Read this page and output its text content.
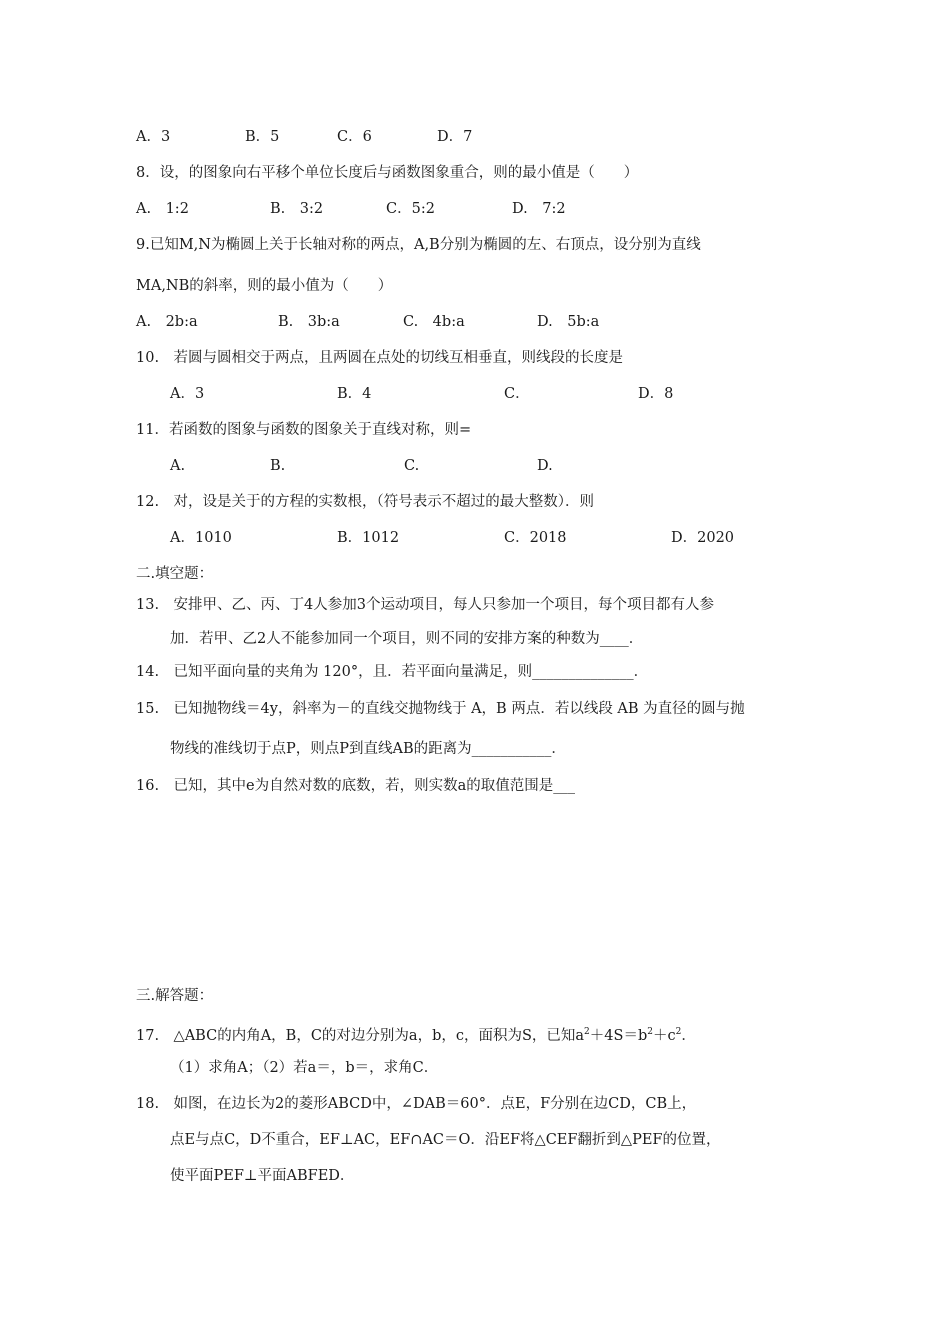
A．3	B．5	C．6	D．7
8．设，的图象向右平移个单位长度后与函数图象重合，则的最小值是（　　）
A.　1:2	B.　3:2	C．5:2	D.　7:2
9.已知M,N为椭圆上关于长轴对称的两点，A,B分别为椭圆的左、右顶点，设分别为直线
MA,NB的斜率，则的最小值为（　　）
A.　2b:a	B.　3b:a	C.　4b:a	D.　5b:a
10.　若圆与圆相交于两点，且两圆在点处的切线互相垂直，则线段的长度是
A．3	B．4	C．	D．8
11．若函数的图象与函数的图象关于直线对称，则=
A.	B.	C.	D.
12.　对，设是关于的方程的实数根，（符号表示不超过的最大整数）．则
A．1010	B．1012	C．2018	D．2020
二.填空题：
13.　安排甲、乙、丙、丁4人参加3个运动项目，每人只参加一个项目，每个项目都有人参
加．若甲、乙2人不能参加同一个项目，则不同的安排方案的种数为____．
14.　已知平面向量的夹角为 120°，且．若平面向量满足，则______________．
15.　已知抛物线＝4y，斜率为－的直线交抛物线于 A，B 两点．若以线段 AB 为直径的圆与抛
物线的准线切于点P，则点P到直线AB的距离为___________．
16.　已知，其中e为自然对数的底数，若，则实数a的取值范围是___
三.解答题：
17.　△ABC的内角A，B，C的对边分别为a，b，c，面积为S，已知$a^2+4S=b^2+c^2$．
（1）求角A；（2）若a＝，b＝，求角C．
18.　如图，在边长为2的菱形ABCD中，∠DAB＝60°．点E，F分别在边CD，CB上，
点E与点C，D不重合，EF⊥AC，EF∩AC＝O．沿EF将△CEF翻折到△PEF的位置，
使平面PEF⊥平面ABFED．
